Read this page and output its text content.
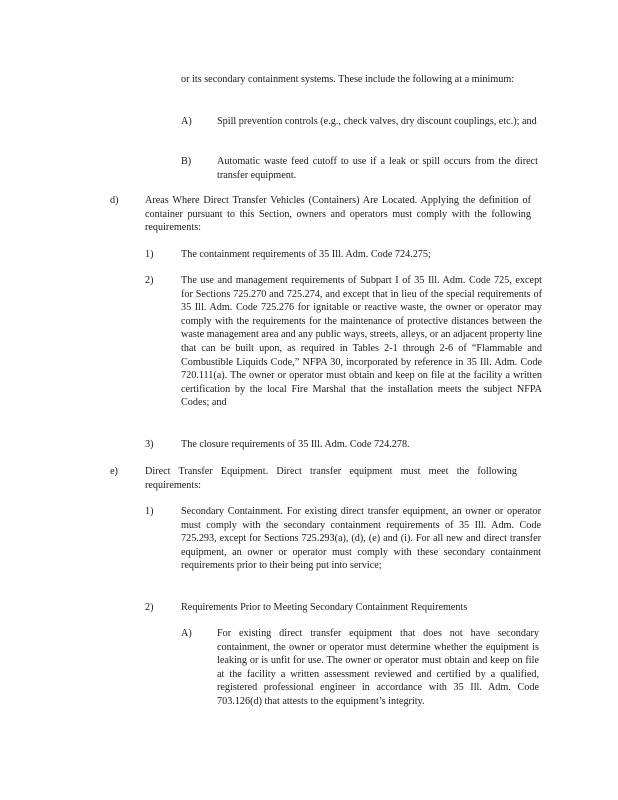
or its secondary containment systems. These include the following at a minimum:
A) Spill prevention controls (e.g., check valves, dry discount couplings, etc.); and
B)	Automatic waste feed cutoff to use if a leak or spill occurs from the direct transfer equipment.
d)	Areas Where Direct Transfer Vehicles (Containers) Are Located. Applying the definition of container pursuant to this Section, owners and operators must comply with the following requirements:
1)	The containment requirements of 35 Ill. Adm. Code 724.275;
2)	The use and management requirements of Subpart I of 35 Ill. Adm. Code 725, except for Sections 725.270 and 725.274, and except that in lieu of the special requirements of 35 Ill. Adm. Code 725.276 for ignitable or reactive waste, the owner or operator may comply with the requirements for the maintenance of protective distances between the waste management area and any public ways, streets, alleys, or an adjacent property line that can be built upon, as required in Tables 2-1 through 2-6 of “Flammable and Combustible Liquids Code,” NFPA 30, incorporated by reference in 35 Ill. Adm. Code 720.111(a). The owner or operator must obtain and keep on file at the facility a written certification by the local Fire Marshal that the installation meets the subject NFPA Codes; and
3)	The closure requirements of 35 Ill. Adm. Code 724.278.
e)	Direct Transfer Equipment. Direct transfer equipment must meet the following requirements:
1)	Secondary Containment. For existing direct transfer equipment, an owner or operator must comply with the secondary containment requirements of 35 Ill. Adm. Code 725.293, except for Sections 725.293(a), (d), (e) and (i). For all new and direct transfer equipment, an owner or operator must comply with these secondary containment requirements prior to their being put into service;
2)	Requirements Prior to Meeting Secondary Containment Requirements
A) For existing direct transfer equipment that does not have secondary containment, the owner or operator must determine whether the equipment is leaking or is unfit for use. The owner or operator must obtain and keep on file at the facility a written assessment reviewed and certified by a qualified, registered professional engineer in accordance with 35 Ill. Adm. Code 703.126(d) that attests to the equipment’s integrity.
